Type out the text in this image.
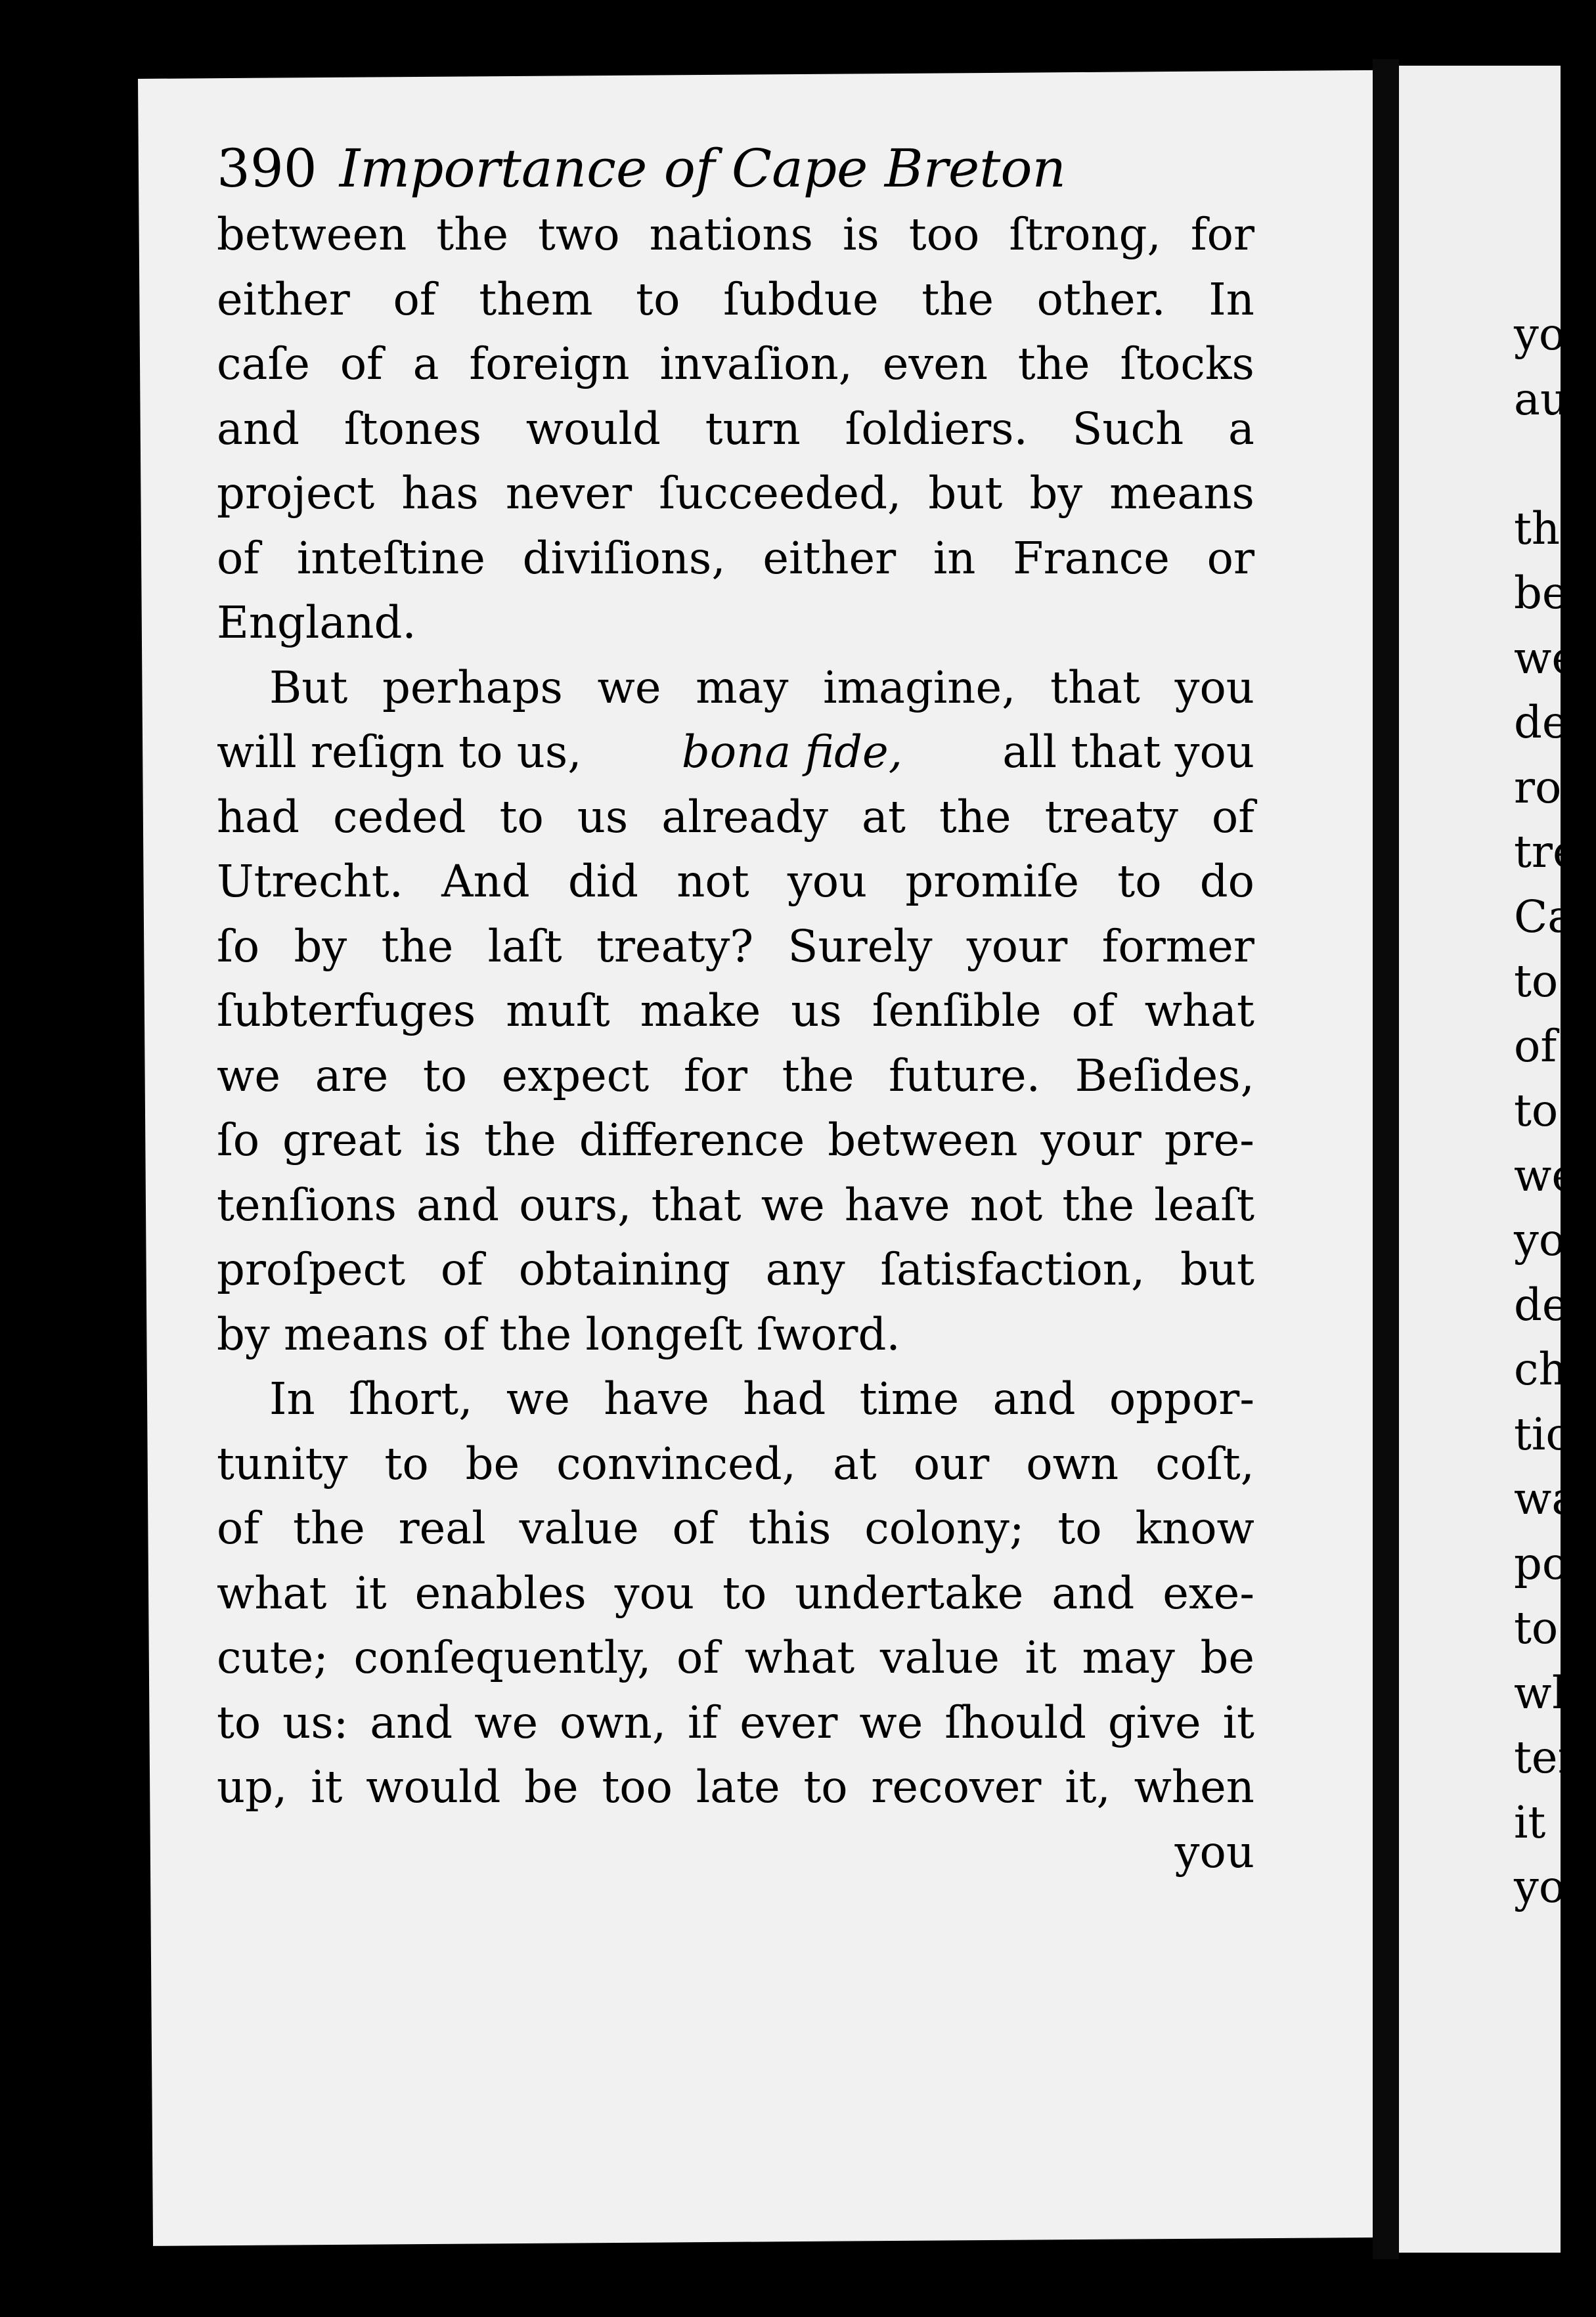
390 Importance of Cape Breton
between the two nations is too ſtrong, for
either of them to ſubdue the other. In
caſe of a foreign invaſion, even the ſtocks
and ſtones would turn ſoldiers. Such a
project has never ſucceeded, but by means
of inteſtine diviſions, either in France or
England.
But perhaps we may imagine, that you
will reſign to us, bona fide, all that you
had ceded to us already at the treaty of
Utrecht. And did not you promiſe to do
ſo by the laſt treaty? Surely your former
ſubterfuges muſt make us ſenſible of what
we are to expect for the future. Beſides,
ſo great is the difference between your pre-
tenſions and ours, that we have not the leaſt
proſpect of obtaining any ſatisfaction, but
by means of the longeſt ſword.
In ſhort, we have had time and oppor-
tunity to be convinced, at our own coſt,
of the real value of this colony; to know
what it enables you to undertake and exe-
cute; conſequently, of what value it may be
to us: and we own, if ever we ſhould give it
up, it would be too late to recover it, when
you
yo
au
thi
be
we
de
rol
tre
Ca
to
of
to
we
yo
dep
ch
tio
wa
po
to
wh
ter
it
yo
